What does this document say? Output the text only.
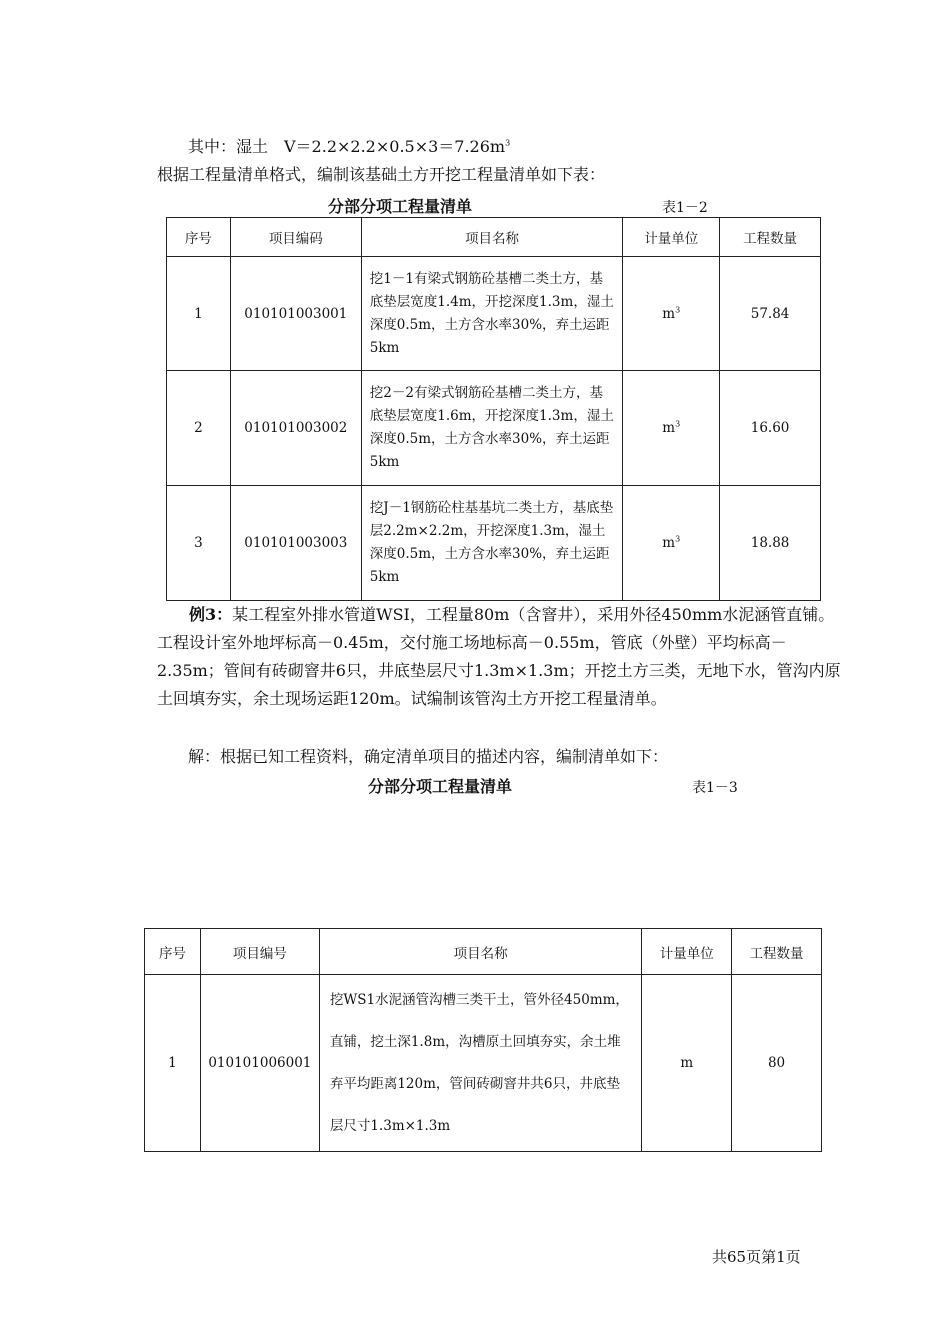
其中：湿土　$V=2.2\times 2.2\times 0.5\times 3=7.26m^3$
根据工程量清单格式，编制该基础土方开挖工程量清单如下表：
分部分项工程量清单	表1－2
序号	项目编码	项目名称	计量单位	工程数量
1	010101003001	挖1－1有梁式钢筋砼基槽二类土方，基底垫层宽度1.4m，开挖深度1.3m，湿土深度0.5m，土方含水率30%，弃土运距5km	$m^3$	57.84
2	010101003002	挖2－2有梁式钢筋砼基槽二类土方，基底垫层宽度1.6m，开挖深度1.3m，湿土深度0.5m，土方含水率30%，弃土运距5km	$m^3$	16.60
3	010101003003	挖J－1钢筋砼柱基基坑二类土方，基底垫层2.2m×2.2m，开挖深度1.3m，湿土深度0.5m，土方含水率30%，弃土运距5km	$m^3$	18.88
例3：某工程室外排水管道WSI，工程量80m（含窨井），采用外径450mm水泥涵管直铺。工程设计室外地坪标高－0.45m，交付施工场地标高－0.55m，管底（外壁）平均标高－2.35m；管间有砖砌窨井6只，井底垫层尺寸1.3m×1.3m；开挖土方三类，无地下水，管沟内原土回填夯实，余土现场运距120m。试编制该管沟土方开挖工程量清单。
解：根据已知工程资料，确定清单项目的描述内容，编制清单如下：
分部分项工程量清单	表1－3
序号	项目编号	项目名称	计量单位	工程数量
1	010101006001	挖WS1水泥涵管沟槽三类干土，管外径450mm，直铺，挖土深1.8m，沟槽原土回填夯实，余土堆弃平均距离120m，管间砖砌窨井共6只，井底垫层尺寸1.3m×1.3m	m	80
共65页第1页
